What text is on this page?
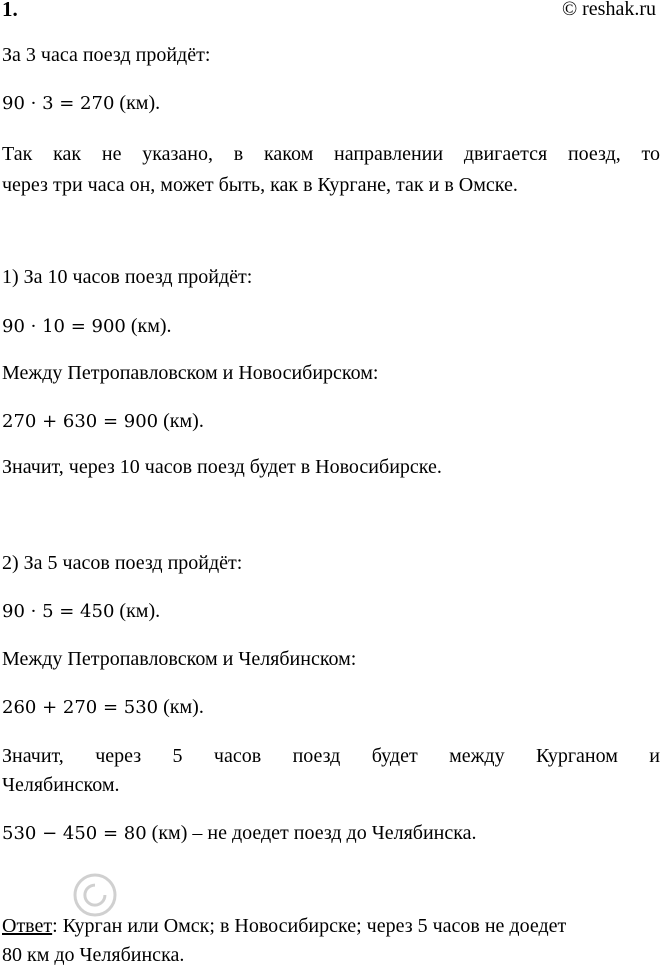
1.	© reshak.ru
За 3 часа поезд пройдёт:
90 · 3 = 270 (км).
Так как не указано, в каком направлении двигается поезд, то
через три часа он, может быть, как в Кургане, так и в Омске.
1) За 10 часов поезд пройдёт:
90 · 10 = 900 (км).
Между Петропавловском и Новосибирском:
270 + 630 = 900 (км).
Значит, через 10 часов поезд будет в Новосибирске.
2) За 5 часов поезд пройдёт:
90 · 5 = 450 (км).
Между Петропавловском и Челябинском:
260 + 270 = 530 (км).
Значит, через 5 часов поезд будет между Курганом и
Челябинском.
530 − 450 = 80 (км) – не доедет поезд до Челябинска.
Ответ: Курган или Омск; в Новосибирске; через 5 часов не доедет
80 км до Челябинска.
